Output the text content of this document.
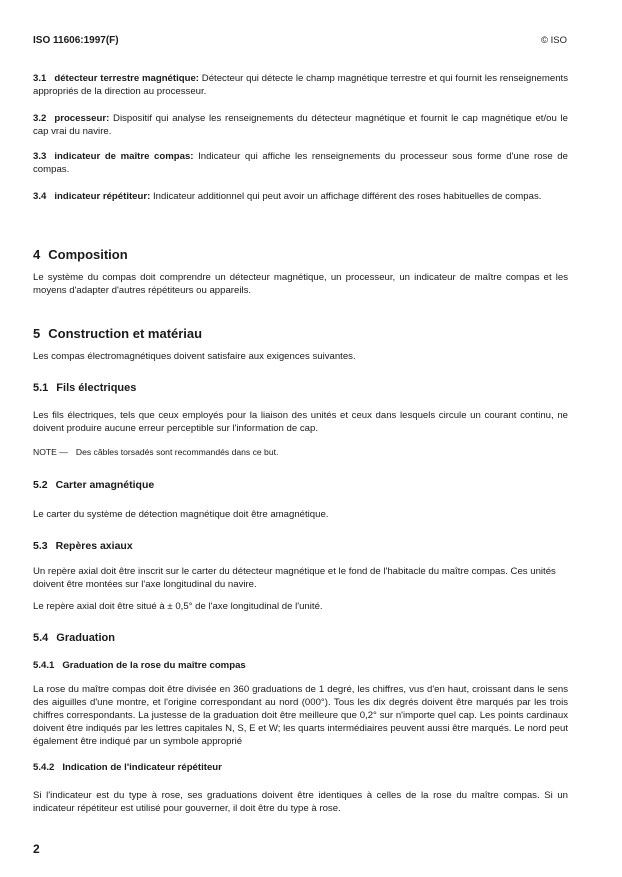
ISO 11606:1997(F)	© ISO
3.1 détecteur terrestre magnétique: Détecteur qui détecte le champ magnétique terrestre et qui fournit les renseignements appropriés de la direction au processeur.
3.2 processeur: Dispositif qui analyse les renseignements du détecteur magnétique et fournit le cap magnétique et/ou le cap vrai du navire.
3.3 indicateur de maître compas: Indicateur qui affiche les renseignements du processeur sous forme d'une rose de compas.
3.4 indicateur répétiteur: Indicateur additionnel qui peut avoir un affichage différent des roses habituelles de compas.
4 Composition
Le système du compas doit comprendre un détecteur magnétique, un processeur, un indicateur de maître compas et les moyens d'adapter d'autres répétiteurs ou appareils.
5 Construction et matériau
Les compas électromagnétiques doivent satisfaire aux exigences suivantes.
5.1 Fils électriques
Les fils électriques, tels que ceux employés pour la liaison des unités et ceux dans lesquels circule un courant continu, ne doivent produire aucune erreur perceptible sur l'information de cap.
NOTE — Des câbles torsadés sont recommandés dans ce but.
5.2 Carter amagnétique
Le carter du système de détection magnétique doit être amagnétique.
5.3 Repères axiaux
Un repère axial doit être inscrit sur le carter du détecteur magnétique et le fond de l'habitacle du maître compas. Ces unités doivent être montées sur l'axe longitudinal du navire.
Le repère axial doit être situé à ± 0,5° de l'axe longitudinal de l'unité.
5.4 Graduation
5.4.1 Graduation de la rose du maître compas
La rose du maître compas doit être divisée en 360 graduations de 1 degré, les chiffres, vus d'en haut, croissant dans le sens des aiguilles d'une montre, et l'origine correspondant au nord (000°). Tous les dix degrés doivent être marqués par les trois chiffres correspondants. La justesse de la graduation doit être meilleure que 0,2° sur n'importe quel cap. Les points cardinaux doivent être indiqués par les lettres capitales N, S, E et W; les quarts intermédiaires peuvent aussi être marqués. Le nord peut également être indiqué par un symbole approprié
5.4.2 Indication de l'indicateur répétiteur
Si l'indicateur est du type à rose, ses graduations doivent être identiques à celles de la rose du maître compas. Si un indicateur répétiteur est utilisé pour gouverner, il doit être du type à rose.
2
